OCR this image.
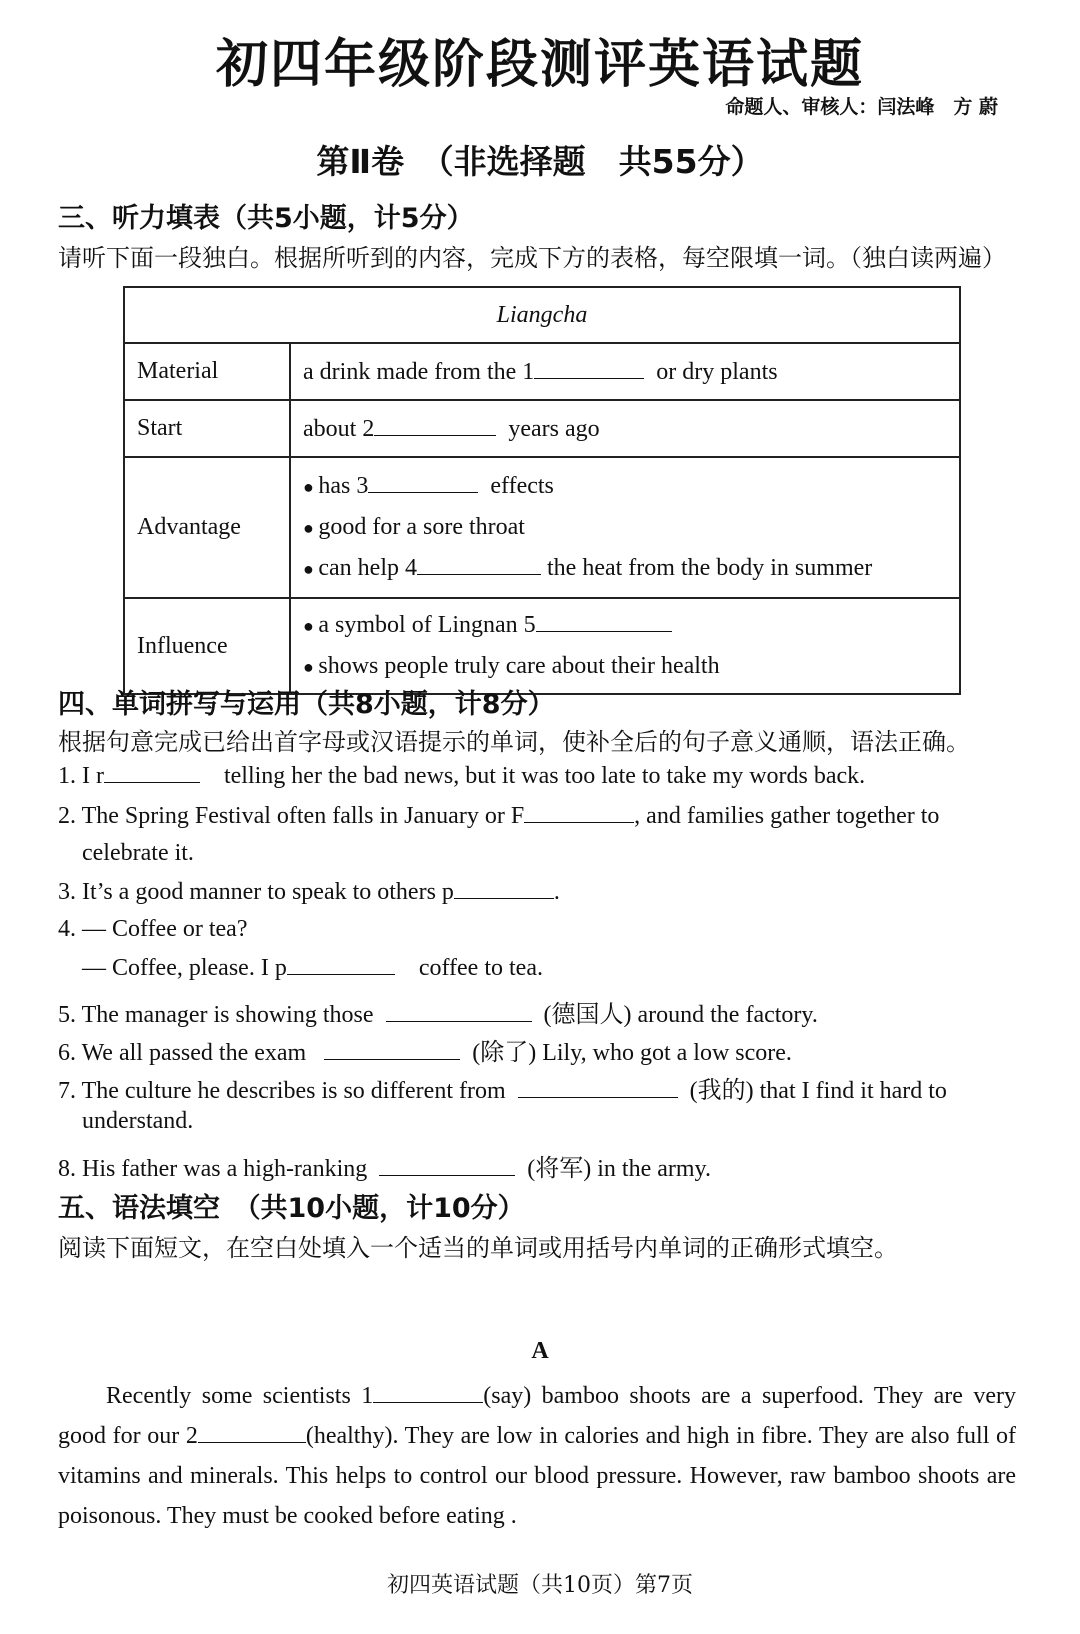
初四年级阶段测评英语试题
命题人、审核人：闫法峰　方 蔚
第Ⅱ卷　（非选择题　共55分）
三、听力填表（共5小题，计5分）
请听下面一段独白。根据所听到的内容，完成下方的表格，每空限填一词。（独白读两遍）
Liangcha	
Material	a drink made from the 1 or dry plants
Start	about 2 years ago
Advantage	● has 3 effects
● good for a sore throat
● can help 4 the heat from the body in summer

Influence	● a symbol of Lingnan 5
● shows people truly care about their health
四、单词拼写与运用（共8小题，计8分）
根据句意完成已给出首字母或汉语提示的单词，使补全后的句子意义通顺，语法正确。
1. I r	telling her the bad news, but it was too late to take my words back.
2. The Spring Festival often falls in January or F	, and families gather together to
celebrate it.
3. It’s a good manner to speak to others p	.
4. — Coffee or tea?
— Coffee, please. I p	coffee to tea.
5. The manager is showing those	(德国人) around the factory.
6. We all passed the exam	(除了) Lily, who got a low score.
7. The culture he describes is so different from	(我的) that I find it hard to
understand.
8. His father was a high-ranking	(将军) in the army.
五、语法填空　（共10小题，计10分）
阅读下面短文，在空白处填入一个适当的单词或用括号内单词的正确形式填空。
A
Recently some scientists 1	(say) bamboo shoots are a superfood. They are very good for our 2	(healthy). They are low in calories and high in fibre. They are also full of vitamins and minerals. This helps to control our blood pressure. However, raw bamboo shoots are poisonous. They must be cooked before eating .
初四英语试题（共10页）第7页
